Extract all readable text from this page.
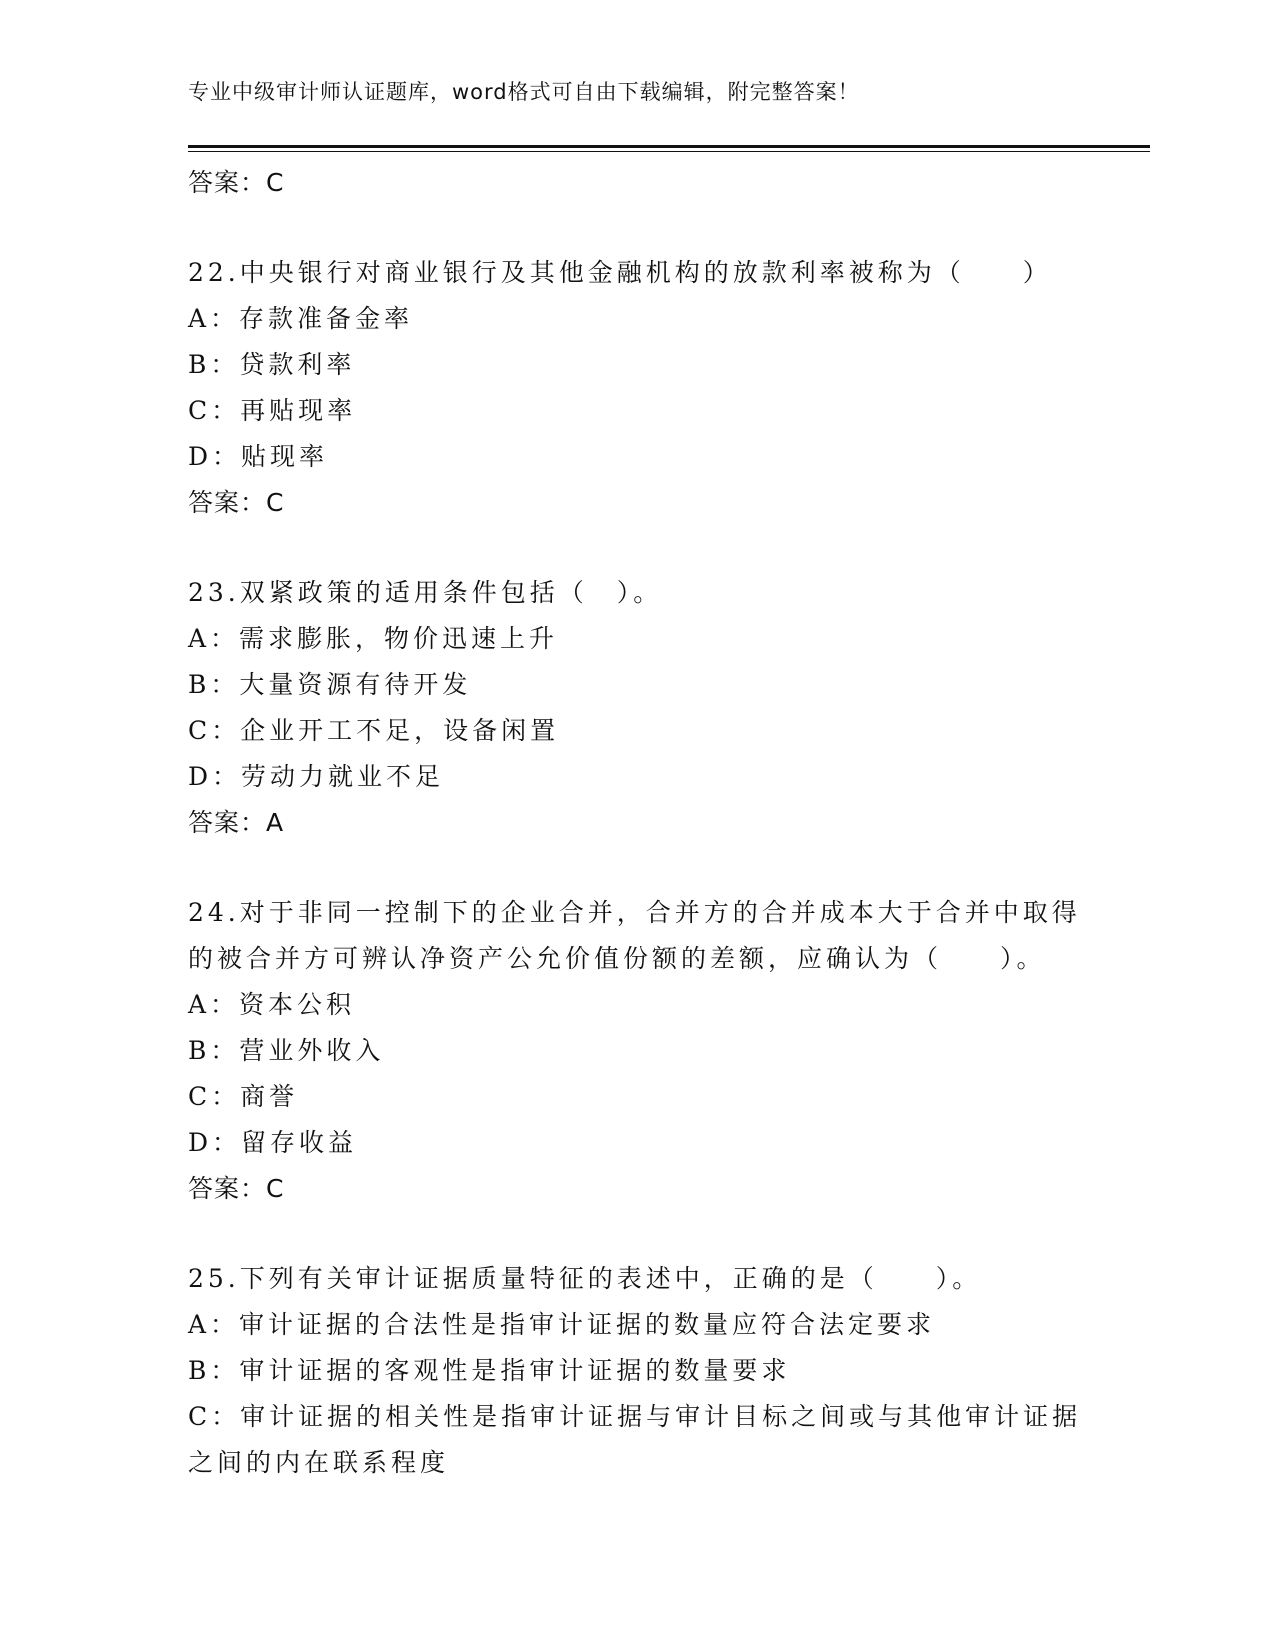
专业中级审计师认证题库，word格式可自由下载编辑，附完整答案！
答案：C
22.中央银行对商业银行及其他金融机构的放款利率被称为（　　）
A：存款准备金率
B：贷款利率
C：再贴现率
D：贴现率
答案：C
23.双紧政策的适用条件包括（　）。
A：需求膨胀，物价迅速上升
B：大量资源有待开发
C：企业开工不足，设备闲置
D：劳动力就业不足
答案：A
24.对于非同一控制下的企业合并，合并方的合并成本大于合并中取得
的被合并方可辨认净资产公允价值份额的差额，应确认为（　　）。
A：资本公积
B：营业外收入
C：商誉
D：留存收益
答案：C
25.下列有关审计证据质量特征的表述中，正确的是（　　）。
A：审计证据的合法性是指审计证据的数量应符合法定要求
B：审计证据的客观性是指审计证据的数量要求
C：审计证据的相关性是指审计证据与审计目标之间或与其他审计证据
之间的内在联系程度
